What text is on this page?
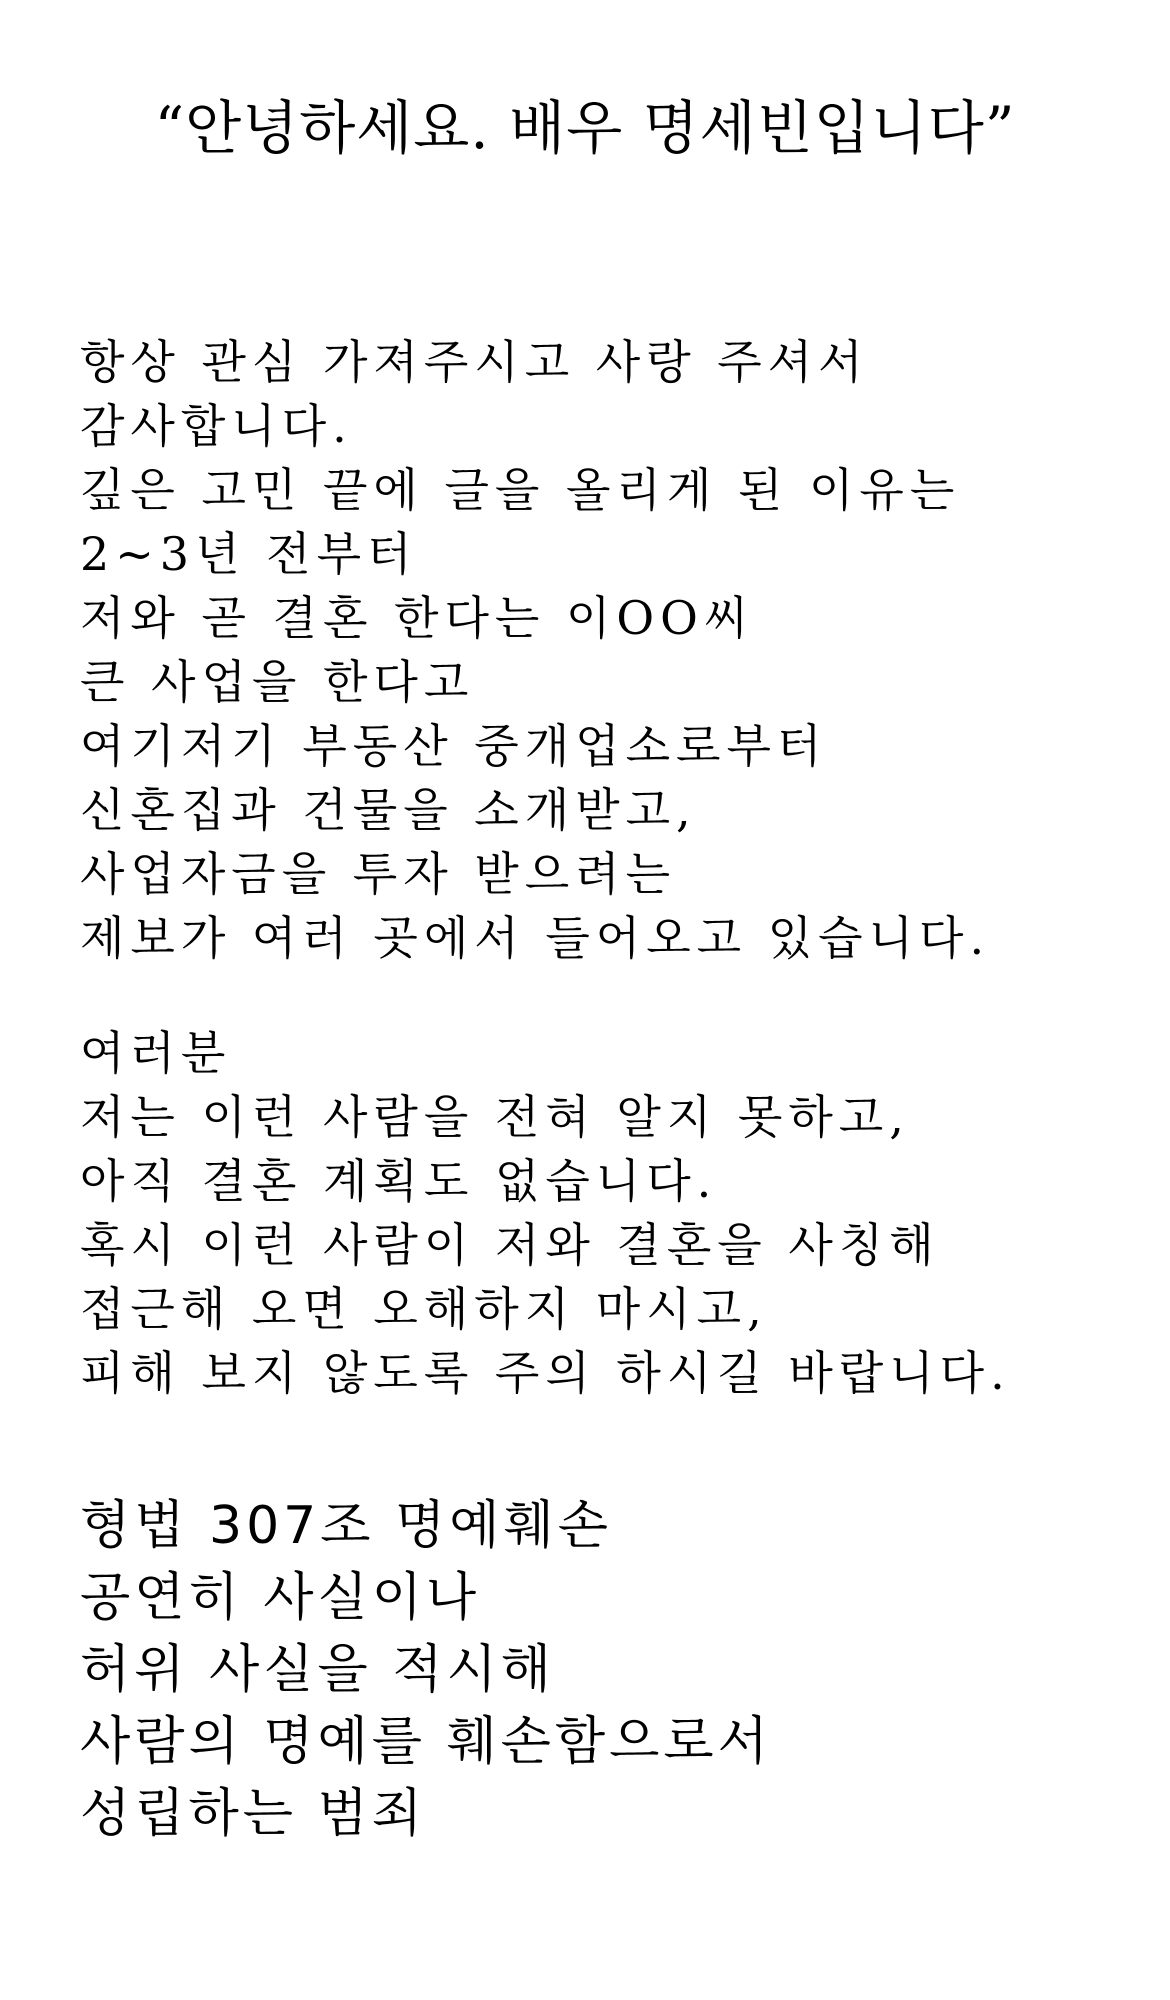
“안녕하세요. 배우 명세빈입니다”
항상 관심 가져주시고 사랑 주셔서
감사합니다.
깊은 고민 끝에 글을 올리게 된 이유는
2~3년 전부터
저와 곧 결혼 한다는 이OO씨
큰 사업을 한다고
여기저기 부동산 중개업소로부터
신혼집과 건물을 소개받고,
사업자금을 투자 받으려는
제보가 여러 곳에서 들어오고 있습니다.
여러분
저는 이런 사람을 전혀 알지 못하고,
아직 결혼 계획도 없습니다.
혹시 이런 사람이 저와 결혼을 사칭해
접근해 오면 오해하지 마시고,
피해 보지 않도록 주의 하시길 바랍니다.
형법 307조 명예훼손
공연히 사실이나
허위 사실을 적시해
사람의 명예를 훼손함으로서
성립하는 범죄
